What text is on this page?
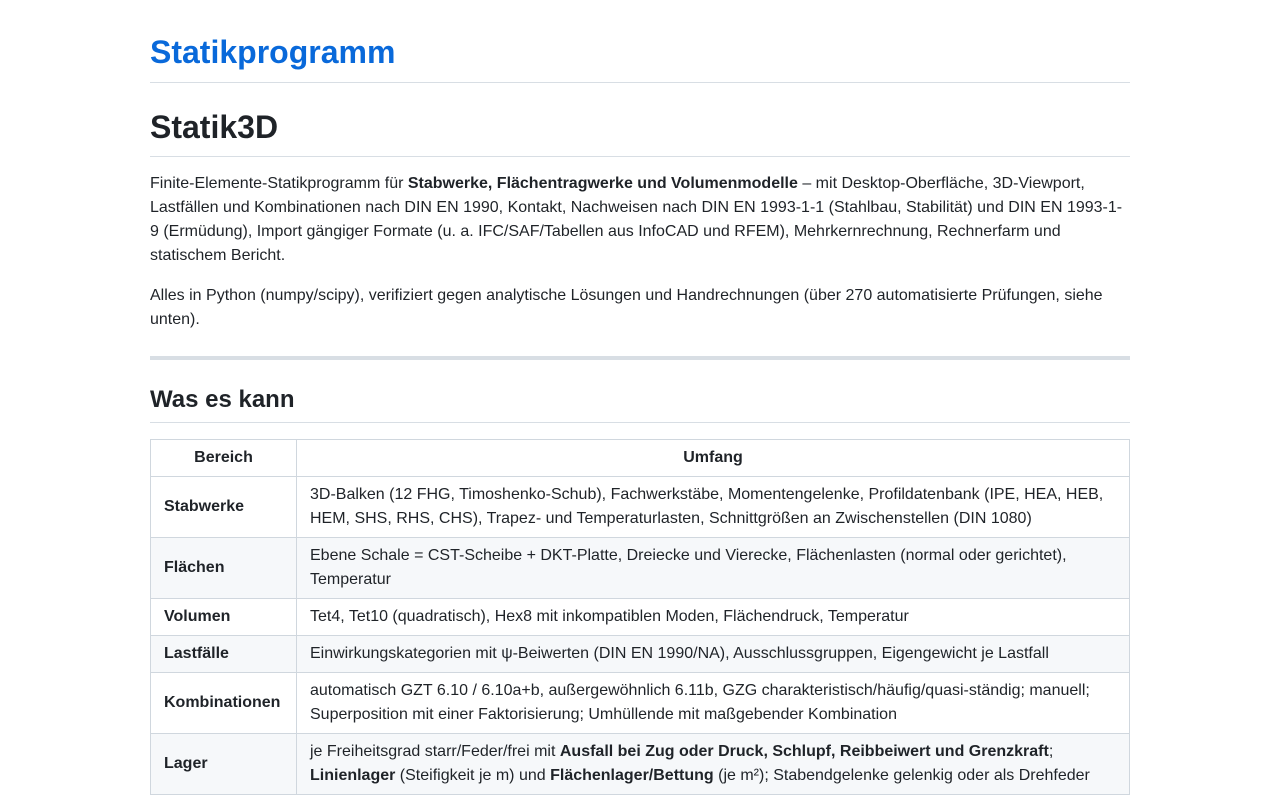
Statikprogramm
Statik3D

Finite-Elemente-Statikprogramm für Stabwerke, Flächentragwerke und Volumenmodelle – mit Desktop-Oberfläche, 3D-Viewport, Lastfällen und Kombinationen nach DIN EN 1990, Kontakt, Nachweisen nach DIN EN 1993-1-1 (Stahlbau, Stabilität) und DIN EN 1993-1-9 (Ermüdung), Import gängiger Formate (u. a. IFC/SAF/Tabellen aus InfoCAD und RFEM), Mehrkernrechnung, Rechnerfarm und statischem Bericht.

Alles in Python (numpy/scipy), verifiziert gegen analytische Lösungen und Handrechnungen (über 270 automatisierte Prüfungen, siehe unten).

Was es kann
Bereich	Umfang
Stabwerke	3D-Balken (12 FHG, Timoshenko-Schub), Fachwerkstäbe, Momentengelenke, Profildatenbank (IPE, HEA, HEB, HEM, SHS, RHS, CHS), Trapez- und Temperaturlasten, Schnittgrößen an Zwischenstellen (DIN 1080)
Flächen	Ebene Schale = CST-Scheibe + DKT-Platte, Dreiecke und Vierecke, Flächenlasten (normal oder gerichtet), Temperatur
Volumen	Tet4, Tet10 (quadratisch), Hex8 mit inkompatiblen Moden, Flächendruck, Temperatur
Lastfälle	Einwirkungskategorien mit ψ-Beiwerten (DIN EN 1990/NA), Ausschlussgruppen, Eigengewicht je Lastfall
Kombinationen	automatisch GZT 6.10 / 6.10a+b, außergewöhnlich 6.11b, GZG charakteristisch/häufig/quasi-ständig; manuell; Superposition mit einer Faktorisierung; Umhüllende mit maßgebender Kombination
Lager	je Freiheitsgrad starr/Feder/frei mit Ausfall bei Zug oder Druck, Schlupf, Reibbeiwert und Grenzkraft;
Linienlager (Steifigkeit je m) und Flächenlager/Bettung (je m²); Stabendgelenke gelenkig oder als Drehfeder
